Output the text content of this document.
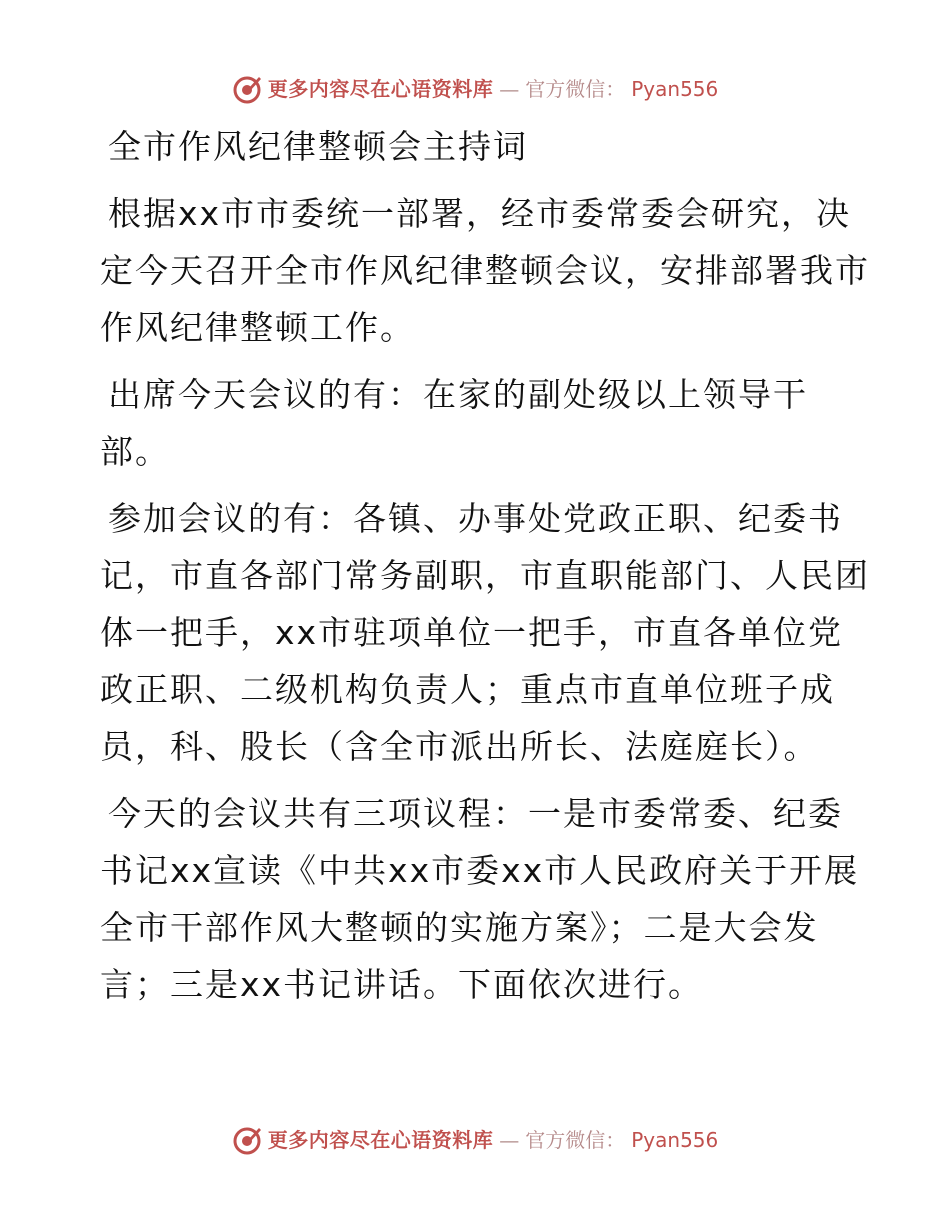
更多内容尽在心语资料库 — 官方微信： Pyan556

全市作风纪律整顿会主持词

根据xx市市委统一部署，经市委常委会研究，决定今天召开全市作风纪律整顿会议，安排部署我市作风纪律整顿工作。

出席今天会议的有：在家的副处级以上领导干部。

参加会议的有：各镇、办事处党政正职、纪委书记，市直各部门常务副职，市直职能部门、人民团体一把手，xx市驻项单位一把手，市直各单位党政正职、二级机构负责人；重点市直单位班子成员，科、股长（含全市派出所长、法庭庭长）。

今天的会议共有三项议程：一是市委常委、纪委书记xx宣读《中共xx市委xx市人民政府关于开展全市干部作风大整顿的实施方案》；二是大会发言；三是xx书记讲话。下面依次进行。

更多内容尽在心语资料库 — 官方微信： Pyan556
